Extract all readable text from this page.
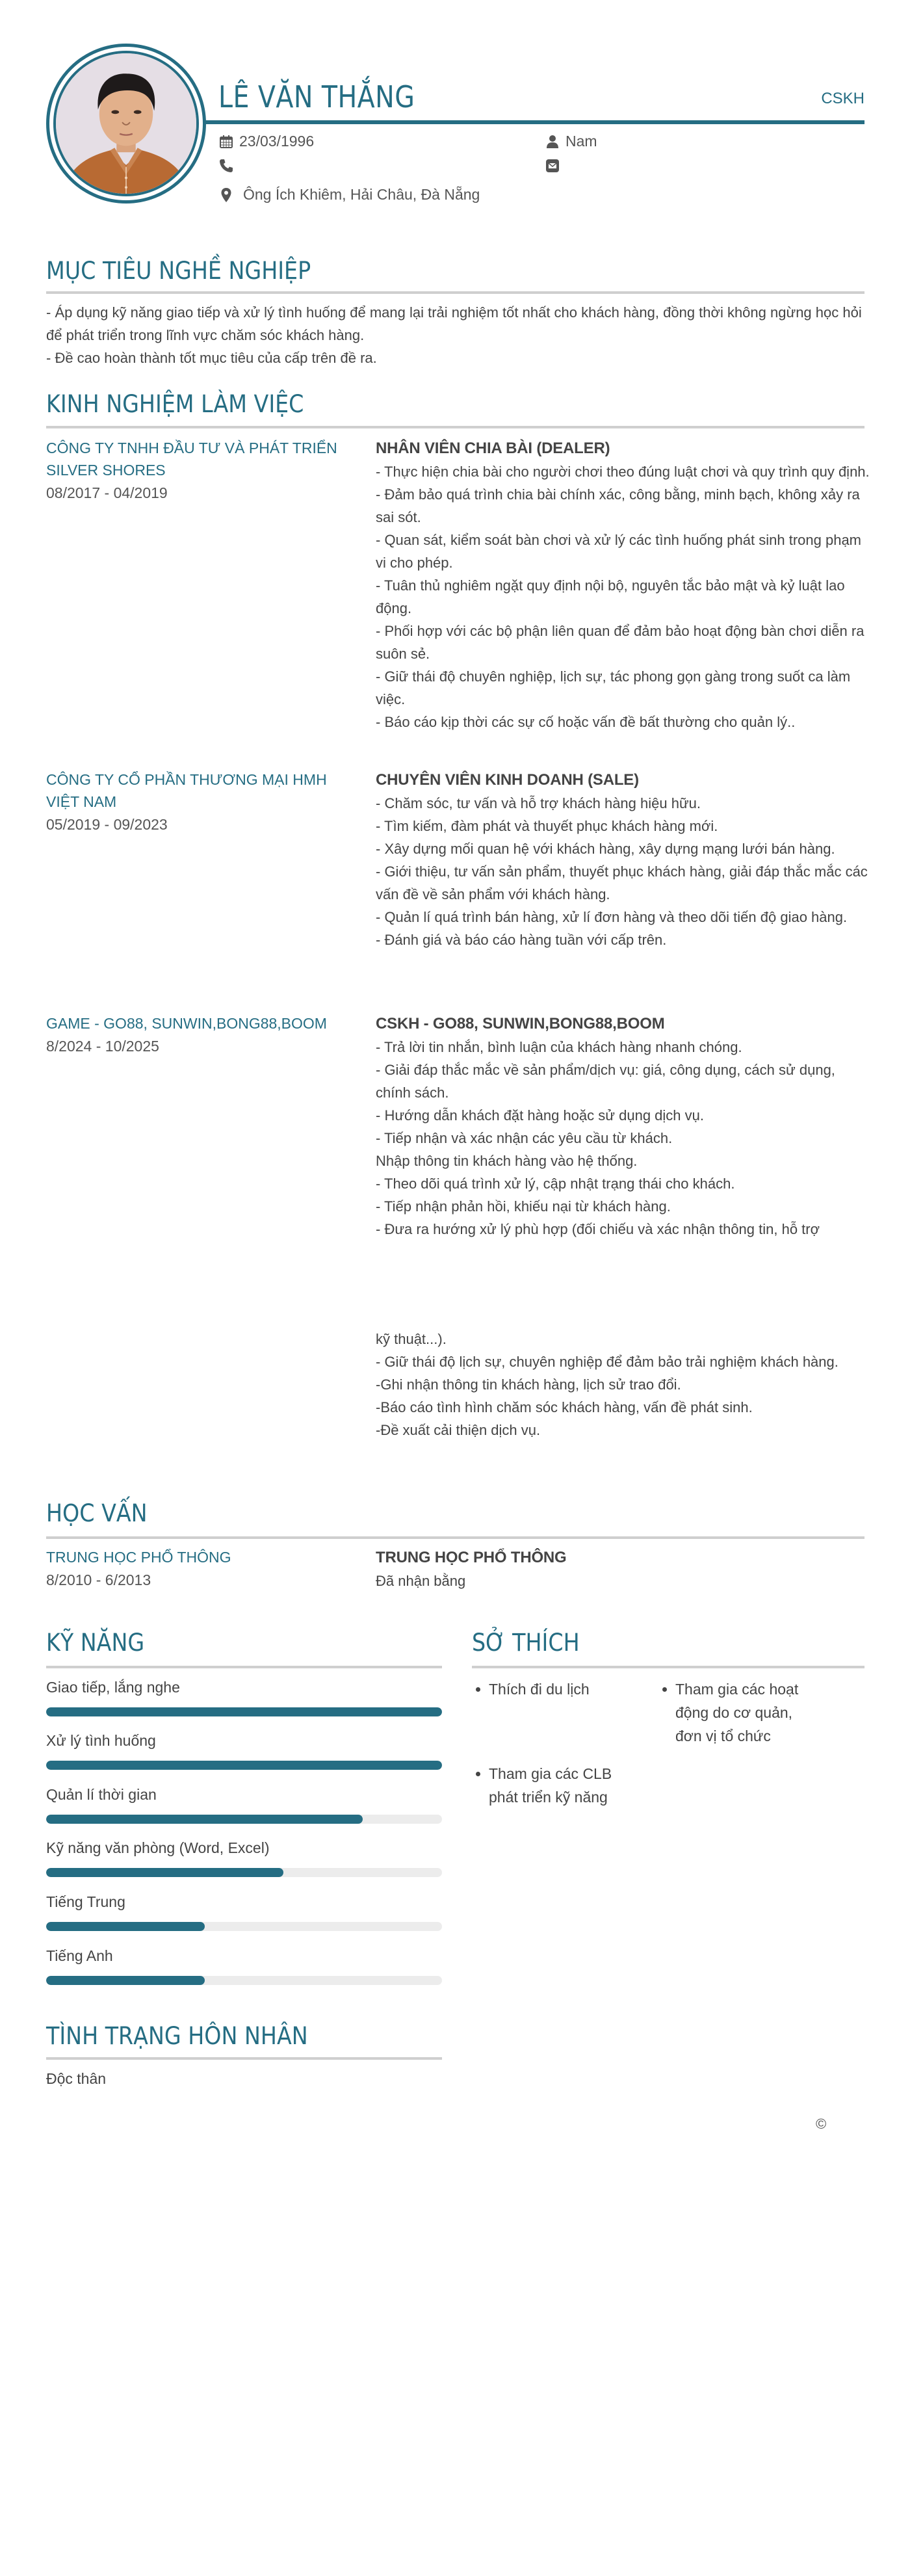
LÊ VĂN THẮNG	CSKH
23/03/1996	Nam
Ông Ích Khiêm, Hải Châu, Đà Nẵng
MỤC TIÊU NGHỀ NGHIỆP
- Áp dụng kỹ năng giao tiếp và xử lý tình huống để mang lại trải nghiệm tốt nhất cho khách hàng, đồng thời không ngừng học hỏi để phát triển trong lĩnh vực chăm sóc khách hàng.
- Đề cao hoàn thành tốt mục tiêu của cấp trên đề ra.
KINH NGHIỆM LÀM VIỆC
CÔNG TY TNHH ĐẦU TƯ VÀ PHÁT TRIỂN SILVER SHORES
08/2017 - 04/2019
NHÂN VIÊN CHIA BÀI (DEALER)
- Thực hiện chia bài cho người chơi theo đúng luật chơi và quy trình quy định.
- Đảm bảo quá trình chia bài chính xác, công bằng, minh bạch, không xảy ra sai sót.
- Quan sát, kiểm soát bàn chơi và xử lý các tình huống phát sinh trong phạm vi cho phép.
- Tuân thủ nghiêm ngặt quy định nội bộ, nguyên tắc bảo mật và kỷ luật lao động.
- Phối hợp với các bộ phận liên quan để đảm bảo hoạt động bàn chơi diễn ra suôn sẻ.
- Giữ thái độ chuyên nghiệp, lịch sự, tác phong gọn gàng trong suốt ca làm việc.
- Báo cáo kịp thời các sự cố hoặc vấn đề bất thường cho quản lý..
CÔNG TY CỔ PHẦN THƯƠNG MẠI HMH VIỆT NAM
05/2019 - 09/2023
CHUYÊN VIÊN KINH DOANH (SALE)
- Chăm sóc, tư vấn và hỗ trợ khách hàng hiệu hữu.
- Tìm kiếm, đàm phát và thuyết phục khách hàng mới.
- Xây dựng mối quan hệ với khách hàng, xây dựng mạng lưới bán hàng.
- Giới thiệu, tư vấn sản phẩm, thuyết phục khách hàng, giải đáp thắc mắc các vấn đề về sản phẩm với khách hàng.
- Quản lí quá trình bán hàng, xử lí đơn hàng và theo dõi tiến độ giao hàng.
- Đánh giá và báo cáo hàng tuần với cấp trên.
GAME - GO88, SUNWIN,BONG88,BOOM
8/2024 - 10/2025
CSKH - GO88, SUNWIN,BONG88,BOOM
- Trả lời tin nhắn, bình luận của khách hàng nhanh chóng.
- Giải đáp thắc mắc về sản phẩm/dịch vụ: giá, công dụng, cách sử dụng, chính sách.
- Hướng dẫn khách đặt hàng hoặc sử dụng dịch vụ.
- Tiếp nhận và xác nhận các yêu cầu từ khách.
Nhập thông tin khách hàng vào hệ thống.
- Theo dõi quá trình xử lý, cập nhật trạng thái cho khách.
- Tiếp nhận phản hồi, khiếu nại từ khách hàng.
- Đưa ra hướng xử lý phù hợp (đối chiếu và xác nhận thông tin, hỗ trợ
kỹ thuật...).
- Giữ thái độ lịch sự, chuyên nghiệp để đảm bảo trải nghiệm khách hàng.
-Ghi nhận thông tin khách hàng, lịch sử trao đổi.
-Báo cáo tình hình chăm sóc khách hàng, vấn đề phát sinh.
-Đề xuất cải thiện dịch vụ.
HỌC VẤN
TRUNG HỌC PHỔ THÔNG
8/2010 - 6/2013
TRUNG HỌC PHỔ THÔNG
Đã nhận bằng
KỸ NĂNG
Giao tiếp, lắng nghe
Xử lý tình huống
Quản lí thời gian
Kỹ năng văn phòng (Word, Excel)
Tiếng Trung
Tiếng Anh
SỞ THÍCH
Thích đi du lịch	Tham gia các hoạt động do cơ quản, đơn vị tổ chức
Tham gia các CLB phát triển kỹ năng
TÌNH TRẠNG HÔN NHÂN
Độc thân
©
